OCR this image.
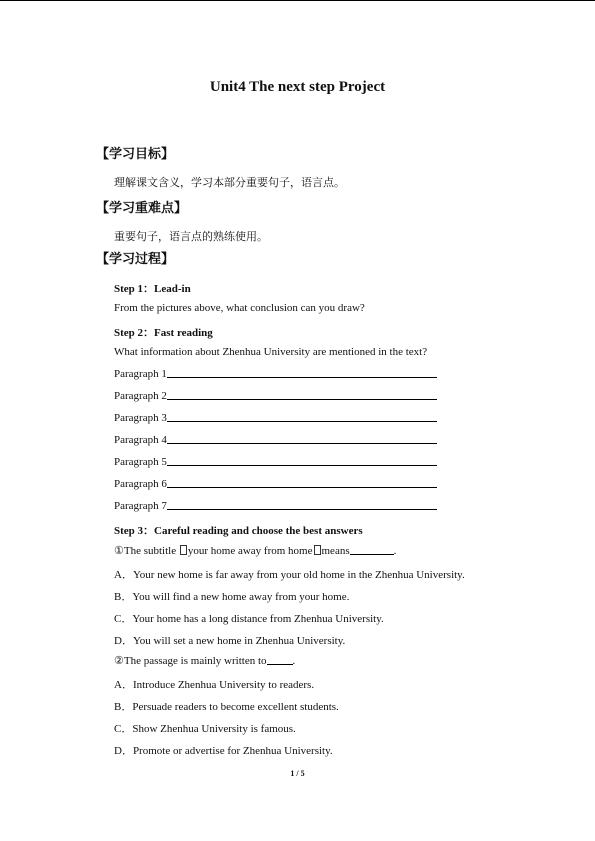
Unit4 The next step Project
【学习目标】
理解课文含义，学习本部分重要句子，语言点。
【学习重难点】
重要句子，语言点的熟练使用。
【学习过程】
Step 1：Lead-in
From the pictures above, what conclusion can you draw?
Step 2：Fast reading
What information about Zhenhua University are mentioned in the text?
Paragraph 1
Paragraph 2
Paragraph 3
Paragraph 4
Paragraph 5
Paragraph 6
Paragraph 7
Step 3：Careful reading and choose the best answers
①The subtitle your home away from home means	.
A．Your new home is far away from your old home in the Zhenhua University.
B．You will find a new home away from your home.
C．Your home has a long distance from Zhenhua University.
D．You will set a new home in Zhenhua University.
②The passage is mainly written to .
A．Introduce Zhenhua University to readers.
B．Persuade readers to become excellent students.
C．Show Zhenhua University is famous.
D．Promote or advertise for Zhenhua University.
1 / 5
